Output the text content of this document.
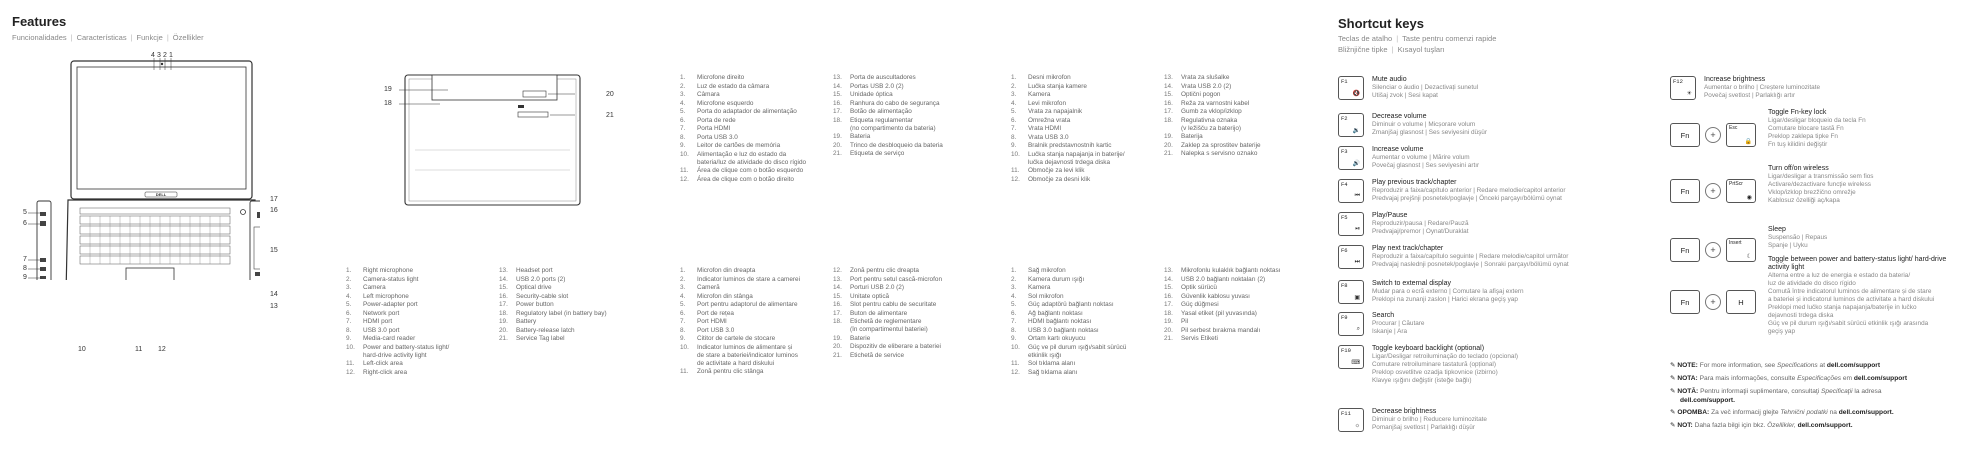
Features
Funcionalidades | Características | Funkcje | Özellikler
DELL
4 3 2 1
5
6
7
8
9
17
16
15
14
13
10	11 12
19
18
20
21
1.	Microfone direito
2.	Luz de estado da câmara
3.	Câmara
4.	Microfone esquerdo
5.	Porta do adaptador de alimentação
6.	Porta de rede
7.	Porta HDMI
8.	Porta USB 3.0
9.	Leitor de cartões de memória
10.	Alimentação e luz do estado da
bateria/luz de atividade do disco rígido
11.	Área de clique com o botão esquerdo
12.	Área de clique com o botão direito
13.	Porta de auscultadores
14.	Portas USB 2.0 (2)
15.	Unidade óptica
16.	Ranhura do cabo de segurança
17.	Botão de alimentação
18.	Etiqueta regulamentar
(no compartimento da bateria)
19.	Bateria
20.	Trinco de desbloqueio da bateria
21.	Etiqueta de serviço
1.	Desni mikrofon
2.	Lučka stanja kamere
3.	Kamera
4.	Levi mikrofon
5.	Vrata za napajalnik
6.	Omrežna vrata
7.	Vrata HDMI
8.	Vrata USB 3.0
9.	Bralnik predstavnostnih kartic
10.	Lučka stanja napajanja in baterije/
lučka dejavnosti trdega diska
11.	Območje za levi klik
12.	Območje za desni klik
13.	Vrata za slušalke
14.	Vrata USB 2.0 (2)
15.	Optični pogon
16.	Reža za varnostni kabel
17.	Gumb za vklop/izklop
18.	Regulativna oznaka
(v ležišču za baterijo)
19.	Baterija
20.	Zaklep za sprostitev baterije
21.	Nalepka s servisno oznako
1.	Right microphone
2.	Camera-status light
3.	Camera
4.	Left microphone
5.	Power-adapter port
6.	Network port
7.	HDMI port
8.	USB 3.0 port
9.	Media-card reader
10.	Power and battery-status light/
hard-drive activity light
11.	Left-click area
12.	Right-click area
13.	Headset port
14.	USB 2.0 ports (2)
15.	Optical drive
16.	Security-cable slot
17.	Power button
18.	Regulatory label (in battery bay)
19.	Battery
20.	Battery-release latch
21.	Service Tag label
1.	Microfon din dreapta
2.	Indicator luminos de stare a camerei
3.	Cameră
4.	Microfon din stânga
5.	Port pentru adaptorul de alimentare
6.	Port de rețea
7.	Port HDMI
8.	Port USB 3.0
9.	Cititor de cartele de stocare
10.	Indicator luminos de alimentare și
de stare a bateriei/indicator luminos
de activitate a hard diskului
11.	Zonă pentru clic stânga
12.	Zonă pentru clic dreapta
13.	Port pentru setul cască-microfon
14.	Porturi USB 2.0 (2)
15.	Unitate optică
16.	Slot pentru cablu de securitate
17.	Buton de alimentare
18.	Etichetă de reglementare
(în compartimentul bateriei)
19.	Baterie
20.	Dispozitiv de eliberare a bateriei
21.	Etichetă de service
1.	Sağ mikrofon
2.	Kamera durum ışığı
3.	Kamera
4.	Sol mikrofon
5.	Güç adaptörü bağlantı noktası
6.	Ağ bağlantı noktası
7.	HDMI bağlantı noktası
8.	USB 3.0 bağlantı noktası
9.	Ortam kartı okuyucu
10.	Güç ve pil durum ışığı/sabit sürücü
etkinlik ışığı
11.	Sol tıklama alanı
12.	Sağ tıklama alanı
13.	Mikrofonlu kulaklık bağlantı noktası
14.	USB 2.0 bağlantı noktaları (2)
15.	Optik sürücü
16.	Güvenlik kablosu yuvası
17.	Güç düğmesi
18.	Yasal etiket (pil yuvasında)
19.	Pil
20.	Pil serbest bırakma mandalı
21.	Servis Etiketi
Shortcut keys
Teclas de atalho | Taste pentru comenzi rapide
Bližnjične tipke | Kısayol tuşları
F1
🔇
Mute audio
Silenciar o áudio | Dezactivați sunetul
Utišaj zvok | Sesi kapat
F2
🔉
Decrease volume
Diminuir o volume | Micșorare volum
Zmanjšaj glasnost | Ses seviyesini düşür
F3
🔊
Increase volume
Aumentar o volume | Mărire volum
Povečaj glasnost | Ses seviyesini artır
F4
⏮
Play previous track/chapter
Reproduzir a faixa/capítulo anterior | Redare melodie/capitol anterior
Predvajaj prejšnji posnetek/poglavje | Önceki parçayı/bölümü oynat
F5
⏯
Play/Pause
Reproduzir/pausa | Redare/Pauză
Predvajaj/premor | Oynat/Duraklat
F6
⏭
Play next track/chapter
Reproduzir a faixa/capítulo seguinte | Redare melodie/capitol următor
Predvajaj naslednji posnetek/poglavje | Sonraki parçayı/bölümü oynat
F8
▣
Switch to external display
Mudar para o ecrã externo | Comutare la afişaj extern
Preklopi na zunanji zaslon | Harici ekrana geçiş yap
F9
⌕
Search
Procurar | Căutare
Iskanje | Ara
F10
⌨
Toggle keyboard backlight (optional)
Ligar/Desligar retroiluminação do teclado (opcional)
Comutare retroiluminare tastatură (opțional)
Preklop osvetlitve ozadja tipkovnice (izbirno)
Klavye ışığını değiştir (isteğe bağlı)
F11
☼
Decrease brightness
Diminuir o brilho | Reducere luminozitate
Pomanjšaj svetlost | Parlaklığı düşür
F12
☀
Increase brightness
Aumentar o brilho | Creștere luminozitate
Povečaj svetlost | Parlaklığı artır
Fn	+
Esc
🔒
Toggle Fn-key lock
Ligar/desligar bloqueio da tecla Fn
Comutare blocare tastă Fn
Preklop zaklepa tipke Fn
Fn tuş kilidini değiştir
Fn	+
PrtScr
◉
Turn off/on wireless
Ligar/desligar a transmissão sem fios
Activare/dezactivare funcţie wireless
Vklop/izklop brezžično omrežje
Kablosuz özelliği aç/kapa
Fn	+
Insert
☾
Sleep
Suspensão | Repaus
Spanje | Uyku
Fn	+	H
Toggle between power and battery-status light/ hard-drive activity light
Alterna entre a luz de energia e estado da bateria/
luz de atividade do disco rígido
Comută între indicatorul luminos de alimentare și de stare
a bateriei și indicatorul luminos de activitate a hard diskului
Preklopi med lučko stanja napajanja/baterije in lučko
dejavnosti trdega diska
Güç ve pil durum ışığı/sabit sürücü etkinlik ışığı arasında
geçiş yap
✎ NOTE: For more information, see Specifications at dell.com/support
✎ NOTA: Para mais informações, consulte Especificações em dell.com/support
✎ NOTĂ: Pentru informaţii suplimentare, consultaţi Specificaţii la adresa
dell.com/support.
✎ OPOMBA: Za več informacij glejte Tehnični podatki na dell.com/support.
✎ NOT: Daha fazla bilgi için bkz. Özellikler, dell.com/support.
